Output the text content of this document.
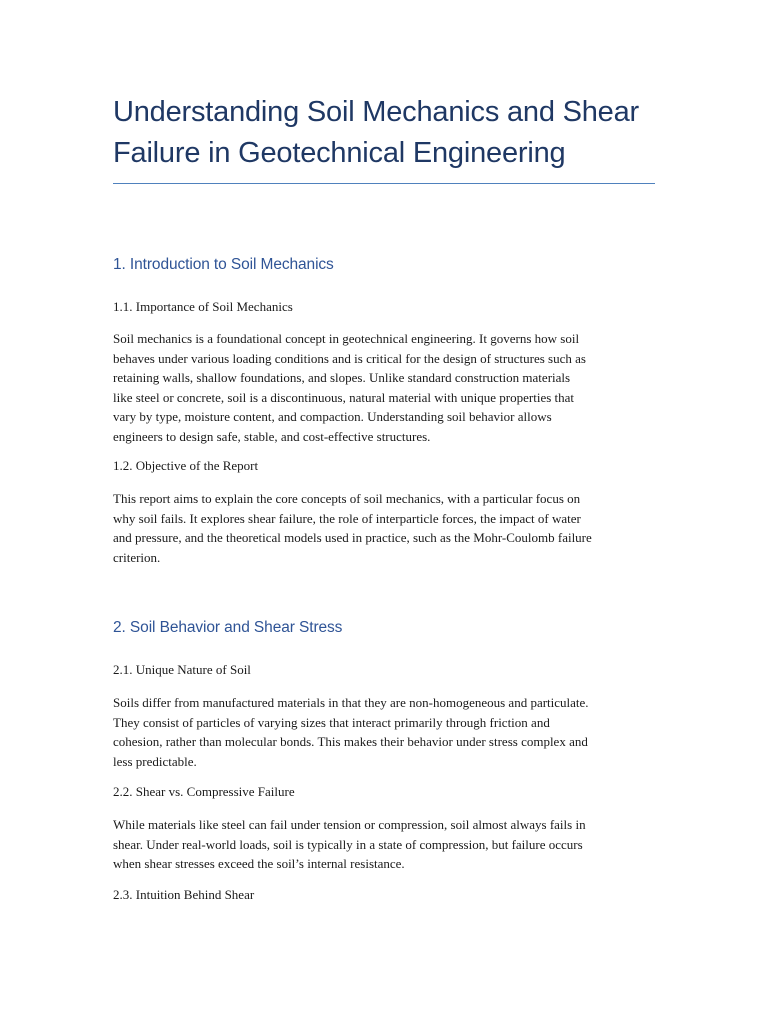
Understanding Soil Mechanics and Shear Failure in Geotechnical Engineering
1. Introduction to Soil Mechanics
1.1. Importance of Soil Mechanics

Soil mechanics is a foundational concept in geotechnical engineering. It governs how soil
behaves under various loading conditions and is critical for the design of structures such as
retaining walls, shallow foundations, and slopes. Unlike standard construction materials
like steel or concrete, soil is a discontinuous, natural material with unique properties that
vary by type, moisture content, and compaction. Understanding soil behavior allows
engineers to design safe, stable, and cost-effective structures.

1.2. Objective of the Report

This report aims to explain the core concepts of soil mechanics, with a particular focus on
why soil fails. It explores shear failure, the role of interparticle forces, the impact of water
and pressure, and the theoretical models used in practice, such as the Mohr-Coulomb failure
criterion.

2. Soil Behavior and Shear Stress
2.1. Unique Nature of Soil

Soils differ from manufactured materials in that they are non-homogeneous and particulate.
They consist of particles of varying sizes that interact primarily through friction and
cohesion, rather than molecular bonds. This makes their behavior under stress complex and
less predictable.

2.2. Shear vs. Compressive Failure

While materials like steel can fail under tension or compression, soil almost always fails in
shear. Under real-world loads, soil is typically in a state of compression, but failure occurs
when shear stresses exceed the soil’s internal resistance.

2.3. Intuition Behind Shear
